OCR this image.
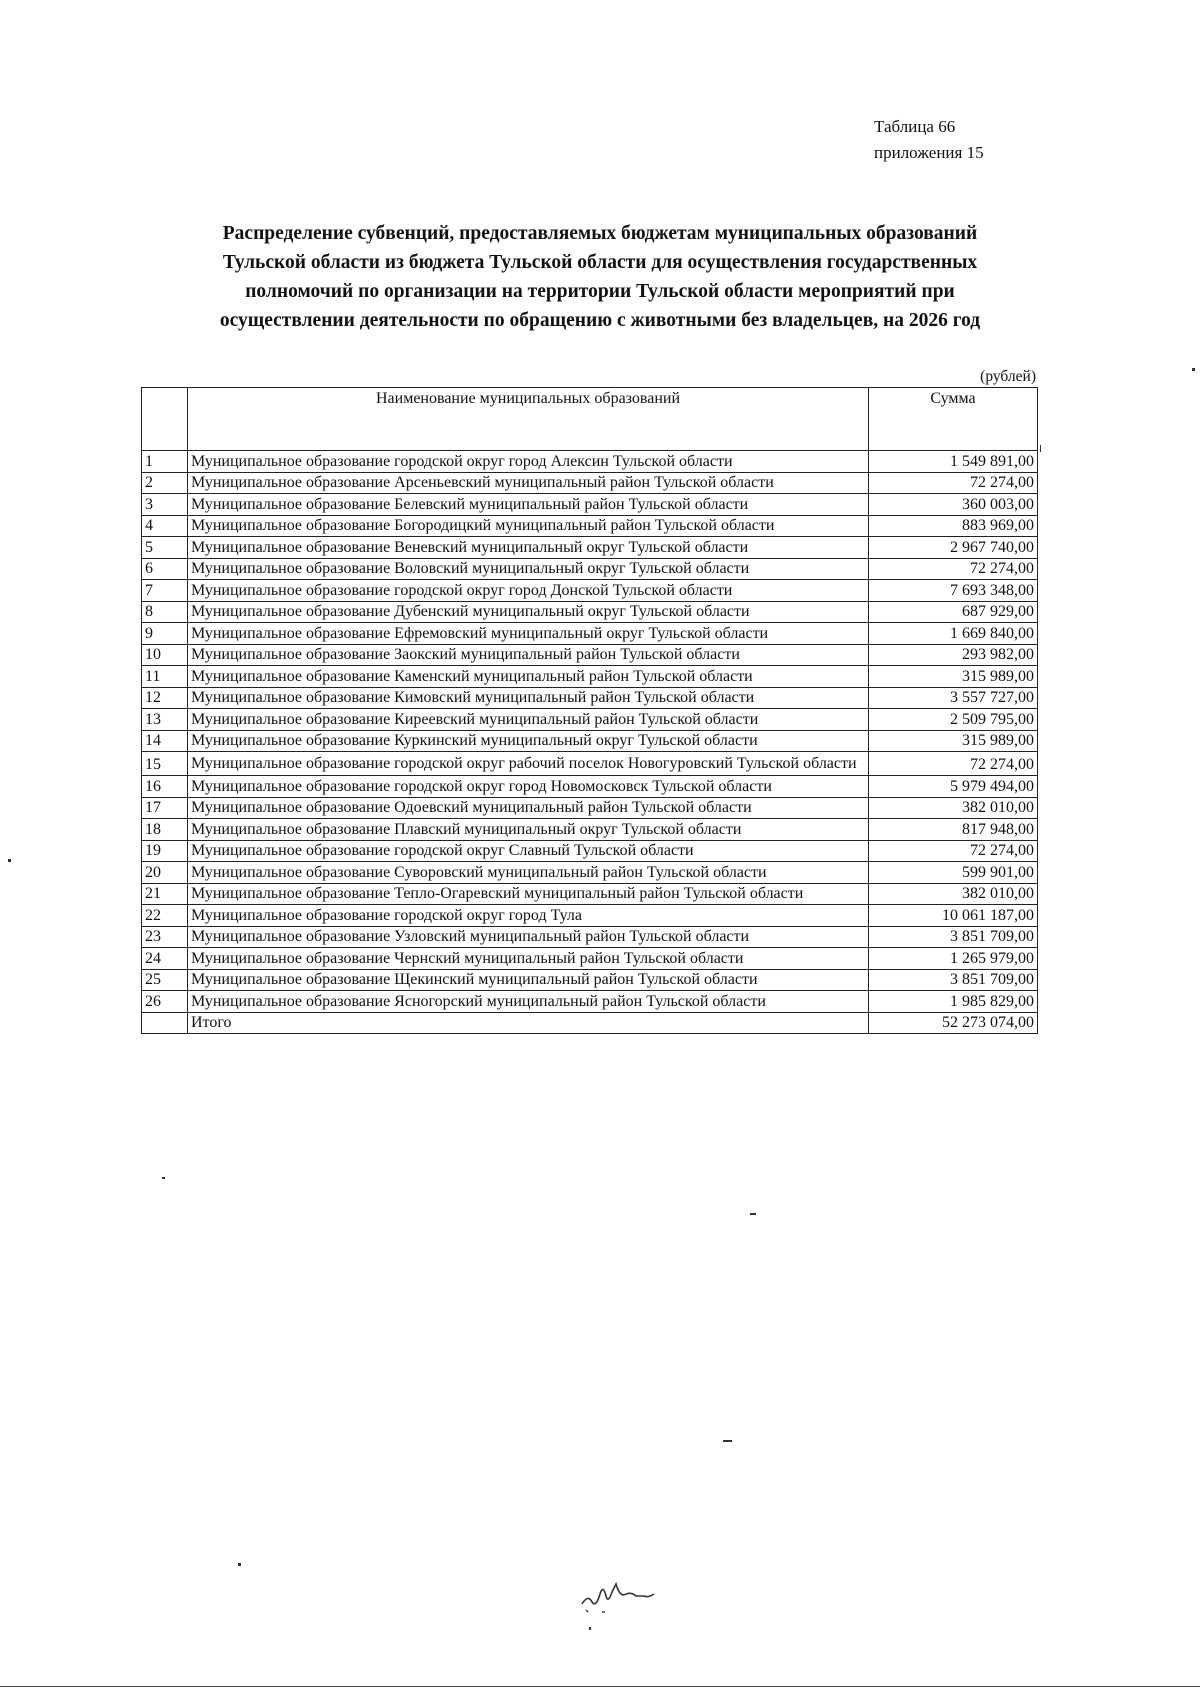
Таблица 66
приложения 15
Распределение субвенций, предоставляемых бюджетам муниципальных образований
Тульской области из бюджета Тульской области для осуществления государственных
полномочий по организации на территории Тульской области мероприятий при
осуществлении деятельности по обращению с животными без владельцев, на 2026 год
(рублей)
	Наименование муниципальных образований	Сумма
1	Муниципальное образование городской округ город Алексин Тульской области	1 549 891,00
2	Муниципальное образование Арсеньевский муниципальный район Тульской области	72 274,00
3	Муниципальное образование Белевский муниципальный район Тульской области	360 003,00
4	Муниципальное образование Богородицкий муниципальный район Тульской области	883 969,00
5	Муниципальное образование Веневский муниципальный округ Тульской области	2 967 740,00
6	Муниципальное образование Воловский муниципальный округ Тульской области	72 274,00
7	Муниципальное образование городской округ город Донской Тульской области	7 693 348,00
8	Муниципальное образование Дубенский муниципальный округ Тульской области	687 929,00
9	Муниципальное образование Ефремовский муниципальный округ Тульской области	1 669 840,00
10	Муниципальное образование Заокский муниципальный район Тульской области	293 982,00
11	Муниципальное образование Каменский муниципальный район Тульской области	315 989,00
12	Муниципальное образование Кимовский муниципальный район Тульской области	3 557 727,00
13	Муниципальное образование Киреевский муниципальный район Тульской области	2 509 795,00
14	Муниципальное образование Куркинский муниципальный округ Тульской области	315 989,00
15	Муниципальное образование городской округ рабочий поселок Новогуровский Тульской области	72 274,00
16	Муниципальное образование городской округ город Новомосковск Тульской области	5 979 494,00
17	Муниципальное образование Одоевский муниципальный район Тульской области	382 010,00
18	Муниципальное образование Плавский муниципальный округ Тульской области	817 948,00
19	Муниципальное образование городской округ Славный Тульской области	72 274,00
20	Муниципальное образование Суворовский муниципальный район Тульской области	599 901,00
21	Муниципальное образование Тепло-Огаревский муниципальный район Тульской области	382 010,00
22	Муниципальное образование городской округ город Тула	10 061 187,00
23	Муниципальное образование Узловский муниципальный район Тульской области	3 851 709,00
24	Муниципальное образование Чернский муниципальный район Тульской области	1 265 979,00
25	Муниципальное образование Щекинский муниципальный район Тульской области	3 851 709,00
26	Муниципальное образование Ясногорский муниципальный район Тульской области	1 985 829,00
	Итого	52 273 074,00
